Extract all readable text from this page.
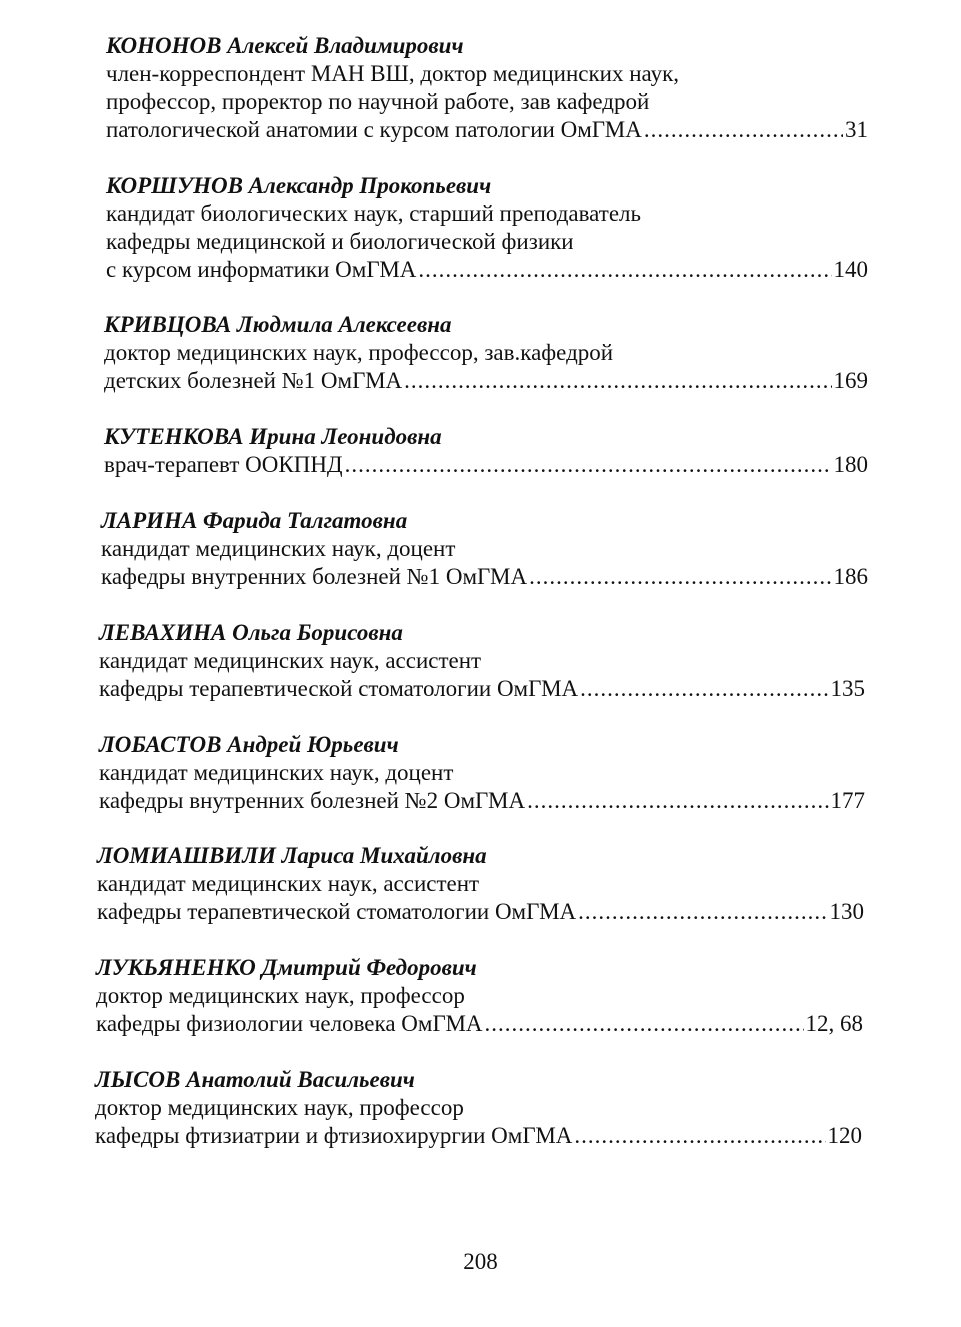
КОНОНОВ Алексей Владимирович
член-корреспондент МАН ВШ, доктор медицинских наук,
профессор, проректор по научной работе, зав кафедрой
патологической анатомии с курсом патологии ОмГМА .....	31
КОРШУНОВ Александр Прокопьевич
кандидат биологических наук, старший преподаватель
кафедры медицинской и биологической физики
с курсом информатики ОмГМА .....	140
КРИВЦОВА Людмила Алексеевна
доктор медицинских наук, профессор, зав.кафедрой
детских болезней №1 ОмГМА .....	169
КУТЕНКОВА Ирина Леонидовна
врач-терапевт ООКПНД .....	180
ЛАРИНА Фарида Талгатовна
кандидат медицинских наук, доцент
кафедры внутренних болезней №1 ОмГМА .....	186
ЛЕВАХИНА Ольга Борисовна
кандидат медицинских наук, ассистент
кафедры терапевтической стоматологии ОмГМА .....	135
ЛОБАСТОВ Андрей Юрьевич
кандидат медицинских наук, доцент
кафедры внутренних болезней №2 ОмГМА .....	177
ЛОМИАШВИЛИ Лариса Михайловна
кандидат медицинских наук, ассистент
кафедры терапевтической стоматологии ОмГМА .....	130
ЛУКЬЯНЕНКО Дмитрий Федорович
доктор медицинских наук, профессор
кафедры физиологии человека ОмГМА .....	12, 68
ЛЫСОВ Анатолий Васильевич
доктор медицинских наук, профессор
кафедры фтизиатрии и фтизиохирургии ОмГМА .....	120
208
